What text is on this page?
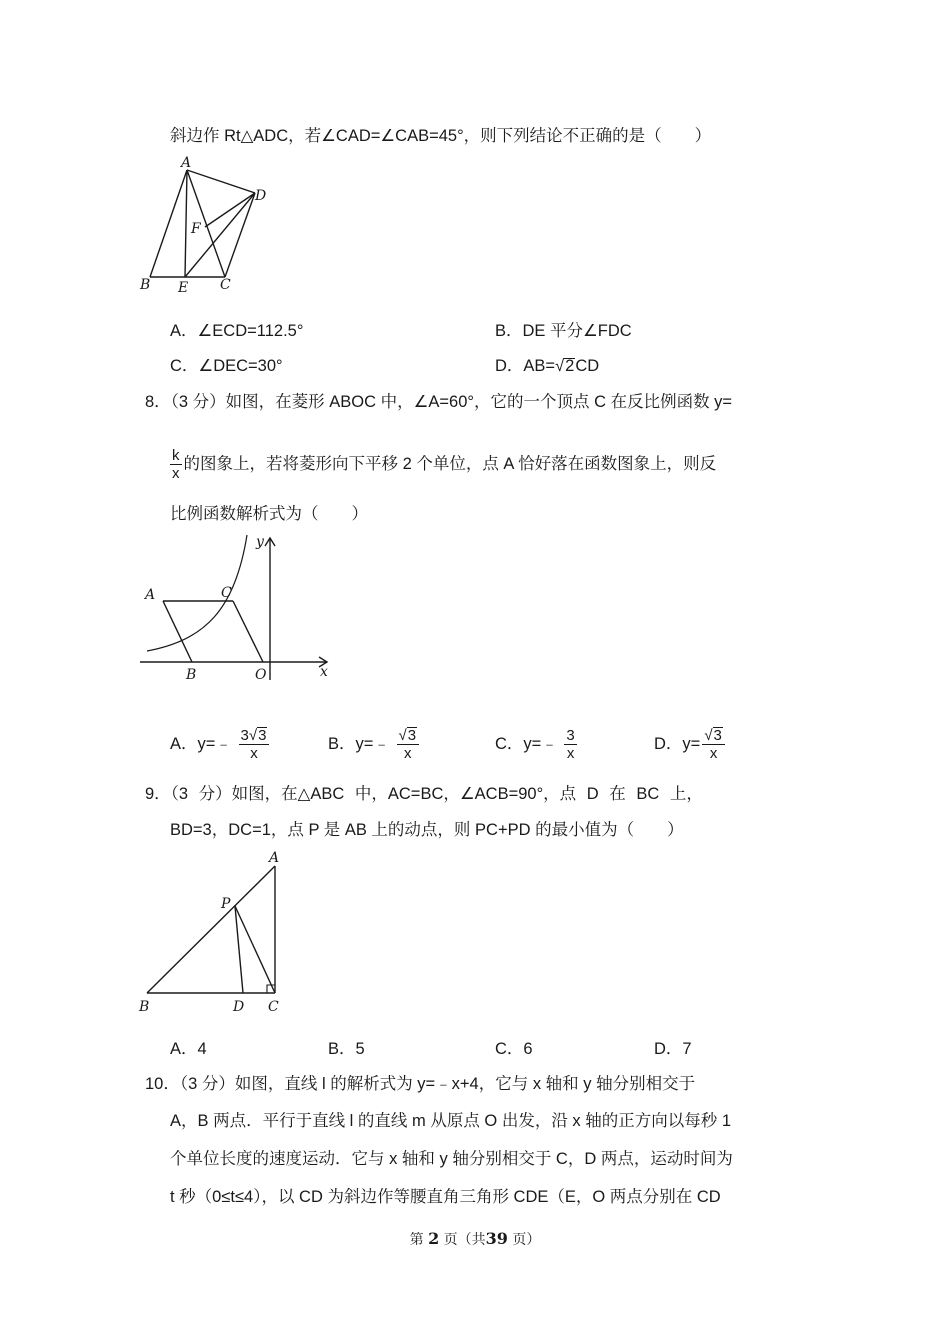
斜边作 Rt△ADC，若∠CAD=∠CAB=45°，则下列结论不正确的是（　　）
A
D
F
B E C
A．∠ECD=112.5°	B．DE 平分∠FDC
C．∠DEC=30°	D．AB=√2CD
8．（3 分）如图，在菱形 ABOC 中，∠A=60°，它的一个顶点 C 在反比例函数 y=
$\frac{k}{x}$ 的图象上，若将菱形向下平移 2 个单位，点 A 恰好落在函数图象上，则反
比例函数解析式为（　　）
y
x
A	C
B	O
A．y=﹣ $\frac{3√3}{x}$	B．y=﹣ $\frac{√3}{x}$	C．y=﹣ $\frac{3}{x}$	D．$y= \frac{√3}{x}$
9．（3 分）如图，在△ABC 中，AC=BC，∠ACB=90°，点 D 在 BC 上，
BD=3，DC=1，点 P 是 AB 上的动点，则 PC+PD 的最小值为（　　）
A
P
B	D C
A．4	B．5	C．6	D．7
10．（3 分）如图，直线 l 的解析式为 y=﹣x+4，它与 x 轴和 y 轴分别相交于
A，B 两点．平行于直线 l 的直线 m 从原点 O 出发，沿 x 轴的正方向以每秒 1
个单位长度的速度运动．它与 x 轴和 y 轴分别相交于 C，D 两点，运动时间为
t 秒（0≤t≤4），以 CD 为斜边作等腰直角三角形 CDE（E，O 两点分别在 CD
第 2 页（共39 页）
